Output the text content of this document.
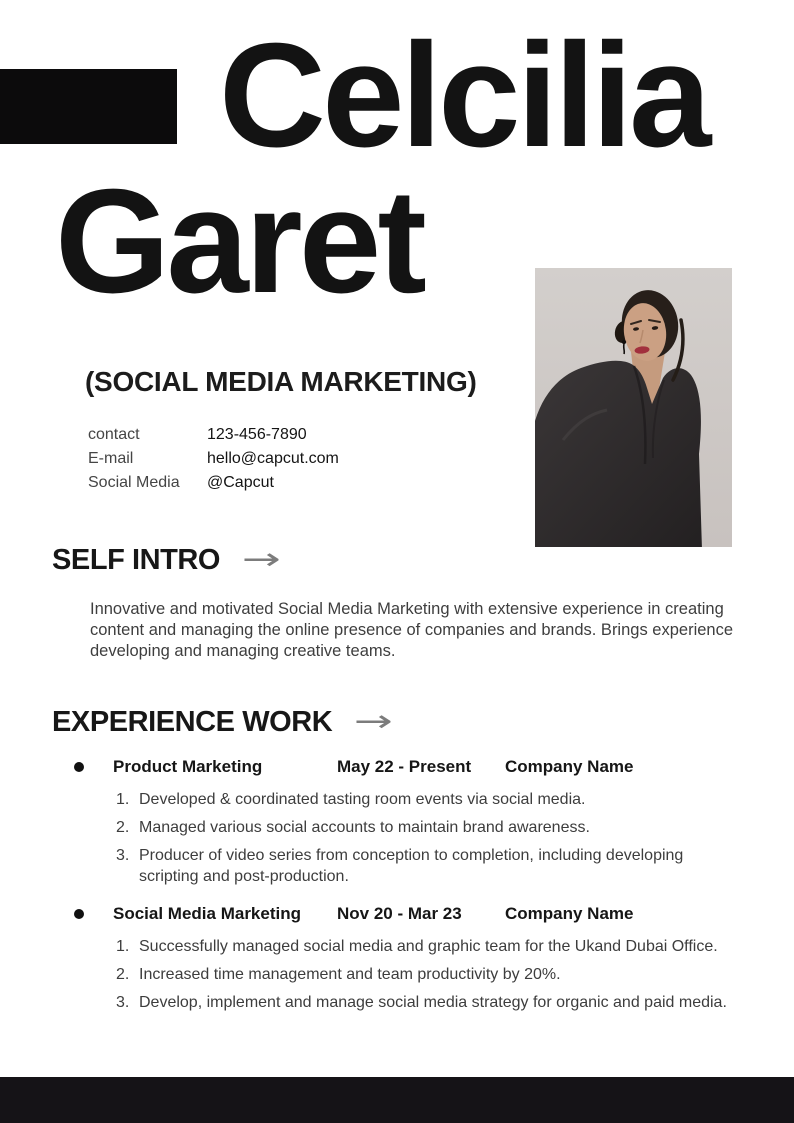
Celcilia
Garet
(SOCIAL MEDIA MARKETING)
contact	123-456-7890
E-mail	hello@capcut.com
Social Media	@Capcut
SELF INTRO →

Innovative and motivated Social Media Marketing with extensive experience in creating content and managing the online presence of companies and brands. Brings experience developing and managing creative teams.

EXPERIENCE WORK →
Product Marketing	May 22 - Present	Company Name
Developed & coordinated tasting room events via social media.
Managed various social accounts to maintain brand awareness.
Producer of video series from conception to completion, including developing scripting and post-production.
Social Media Marketing	Nov 20 - Mar 23	Company Name
Successfully managed social media and graphic team for the Ukand Dubai Office.
Increased time management and team productivity by 20%.
Develop, implement and manage social media strategy for organic and paid media.
